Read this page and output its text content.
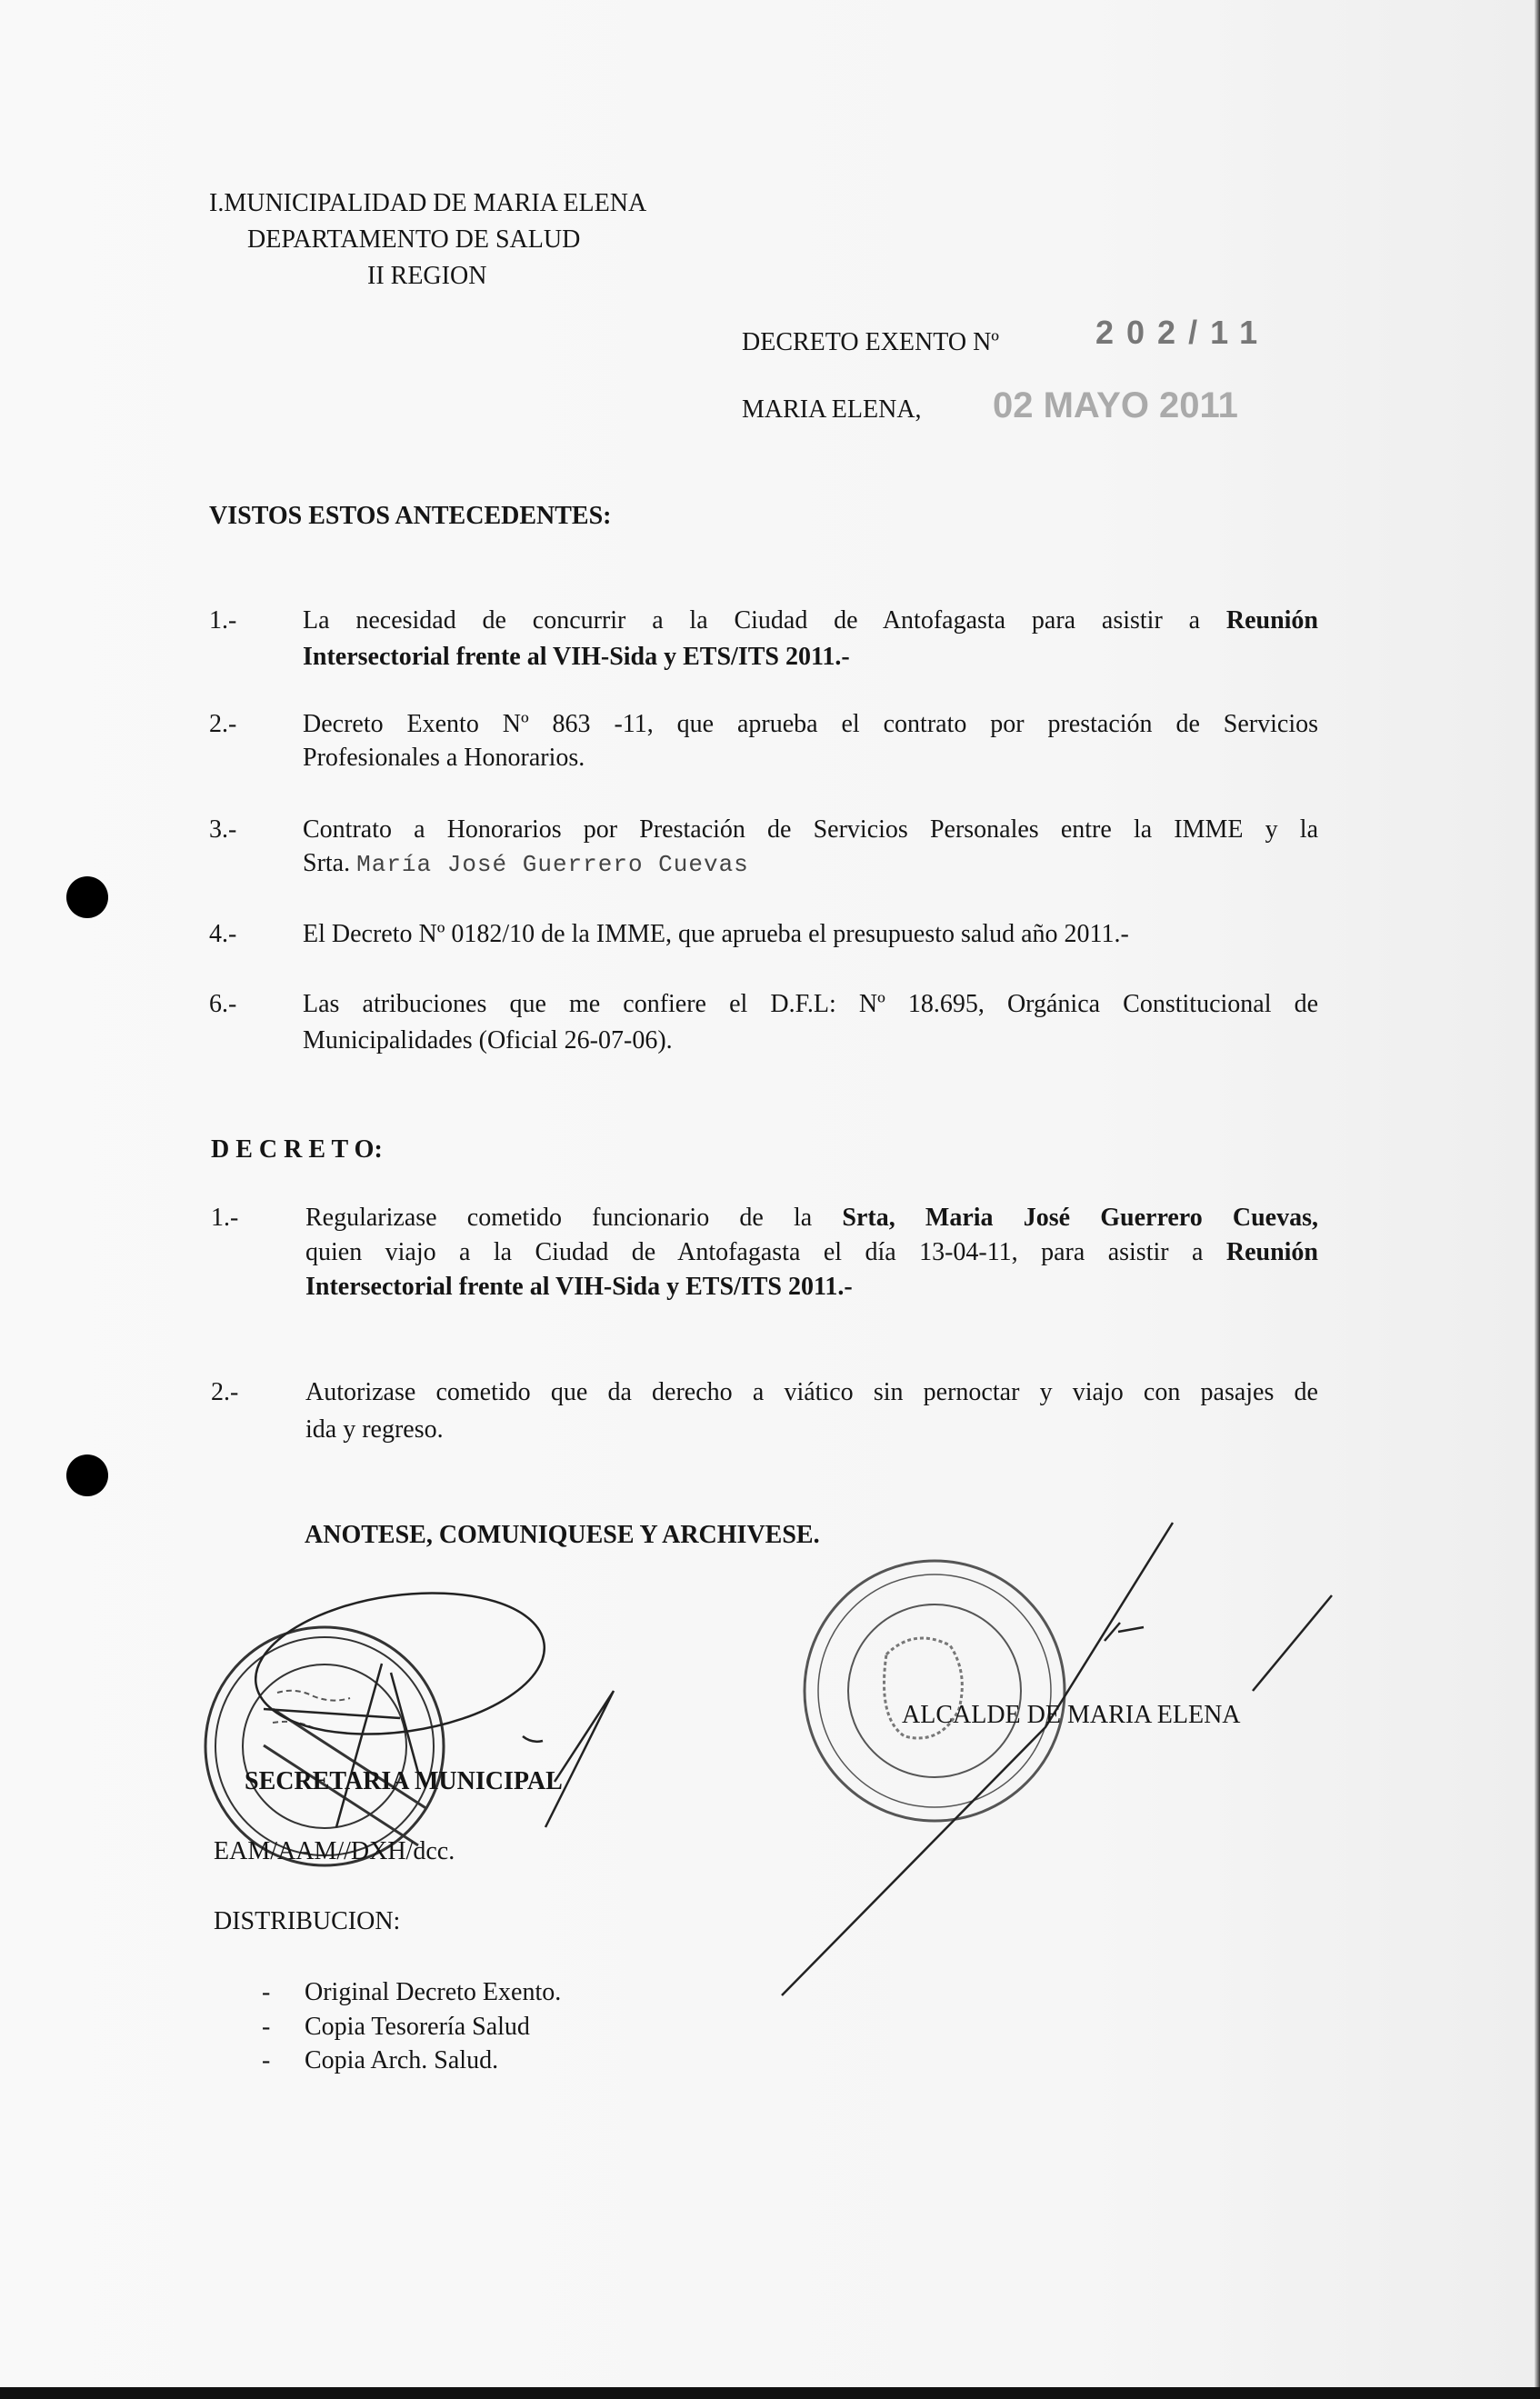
I.MUNICIPALIDAD DE MARIA ELENA
DEPARTAMENTO DE SALUD
II REGION
DECRETO EXENTO Nº	202/11
MARIA ELENA, 02 MAYO 2011
VISTOS ESTOS ANTECEDENTES:
1.-	La necesidad de concurrir a la Ciudad de Antofagasta para asistir a Reunión
Intersectorial frente al VIH-Sida y ETS/ITS 2011.-
2.-	Decreto Exento Nº 863 -11, que aprueba el contrato por prestación de Servicios
Profesionales a Honorarios.
3.-	Contrato a Honorarios por Prestación de Servicios Personales entre la IMME y la
Srta. María José Guerrero Cuevas
4.-	El Decreto Nº 0182/10 de la IMME, que aprueba el presupuesto salud año 2011.-
6.-	Las atribuciones que me confiere el D.F.L: Nº 18.695, Orgánica Constitucional de
Municipalidades (Oficial 26-07-06).
D E C R E T O:
1.-	Regularizase cometido funcionario de la Srta, Maria José Guerrero Cuevas,
quien viajo a la Ciudad de Antofagasta el día 13-04-11, para asistir a Reunión
Intersectorial frente al VIH-Sida y ETS/ITS 2011.-
2.-	Autorizase cometido que da derecho a viático sin pernoctar y viajo con pasajes de
ida y regreso.
ANOTESE, COMUNIQUESE Y ARCHIVESE.
SECRETARIA MUNICIPAL
ALCALDE DE MARIA ELENA
EAM/AAM//DXH/dcc.
DISTRIBUCION:
- Original Decreto Exento.
- Copia Tesorería Salud
- Copia Arch. Salud.
